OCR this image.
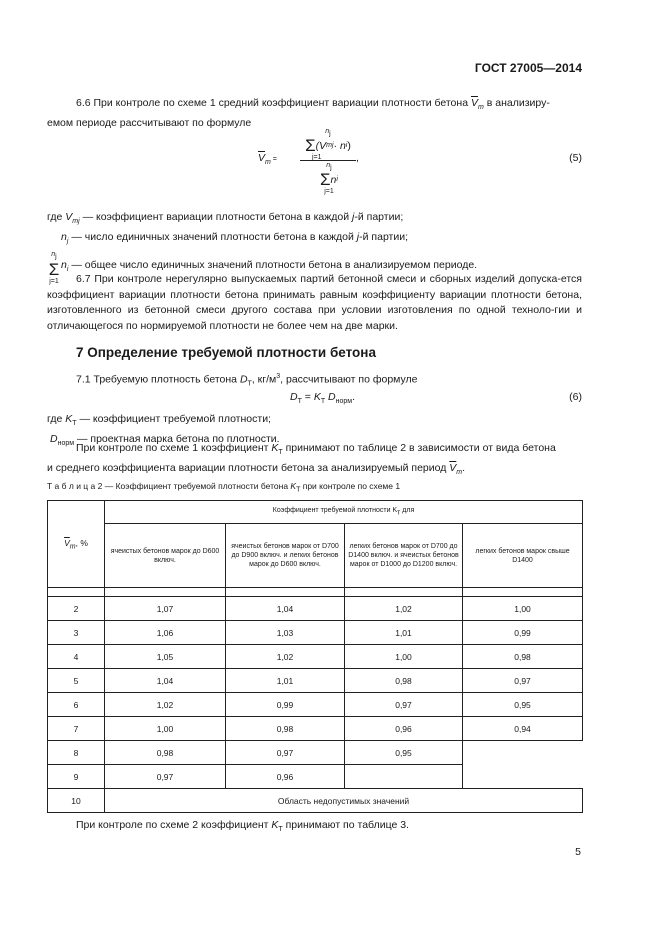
ГОСТ 27005—2014
6.6 При контроле по схеме 1 средний коэффициент вариации плотности бетона $\overline{V}_m$ в анализиру-
емом периоде рассчитывают по формуле
$\overline{V}_m$ =
$n_j$
Σ (V mj · n i )
j=1
$n_j$
Σ n i
j=1
,	(5)
где $V_{mj}$ — коэффициент вариации плотности бетона в каждой j-й партии;
$n_j$ — число единичных значений плотности бетона в каждой j-й партии;
$n_j$
Σ
j=1
$n_i$ — общее число единичных значений плотности бетона в анализируемом периоде.
6.7 При контроле нерегулярно выпускаемых партий бетонной смеси и сборных изделий допуска-ется коэффициент вариации плотности бетона принимать равным коэффициенту вариации плотности бетона, изготовленного из бетонной смеси другого состава при условии изготовления по одной техноло-гии и отличающегося по нормируемой плотности не более чем на две марки.
7 Определение требуемой плотности бетона
7.1 Требуемую плотность бетона $D_Т$, $кг/м^3$, рассчитывают по формуле
$D_Т = K_Т$ $D_{норм}$.	(6)
где $K_Т$ — коэффициент требуемой плотности;
$D_{норм}$ — проектная марка бетона по плотности.
При контроле по схеме 1 коэффициент $K_Т$ принимают по таблице 2 в зависимости от вида бетона
и среднего коэффициента вариации плотности бетона за анализируемый период $\overline{V}_m$.
Т а б л и ц а 2 — Коэффициент требуемой плотности бетона $K_Т$ при контроле по схеме 1
$\overline{V}_m$, %	Коэффициент требуемой плотности $K_т$ для			
	ячеистых бетонов марок до D600 включ.	ячеистых бетонов марок от D700 до D900 включ. и легких бетонов марок до D600 включ.	легких бетонов марок от D700 до D1400 включ. и ячеистых бетонов марок от D1000 до D1200 включ.	легких бетонов марок свыше D1400

2	1,07	1,04	1,02	1,00
3	1,06	1,03	1,01	0,99
4	1,05	1,02	1,00	0,98
5	1,04	1,01	0,98	0,97
6	1,02	0,99	0,97	0,95
7	1,00	0,98	0,96	0,94
8	0,98	0,97	0,95	
9	0,97	0,96		
10	Область недопустимых значений			
При контроле по схеме 2 коэффициент $K_Т$ принимают по таблице 3.
5
